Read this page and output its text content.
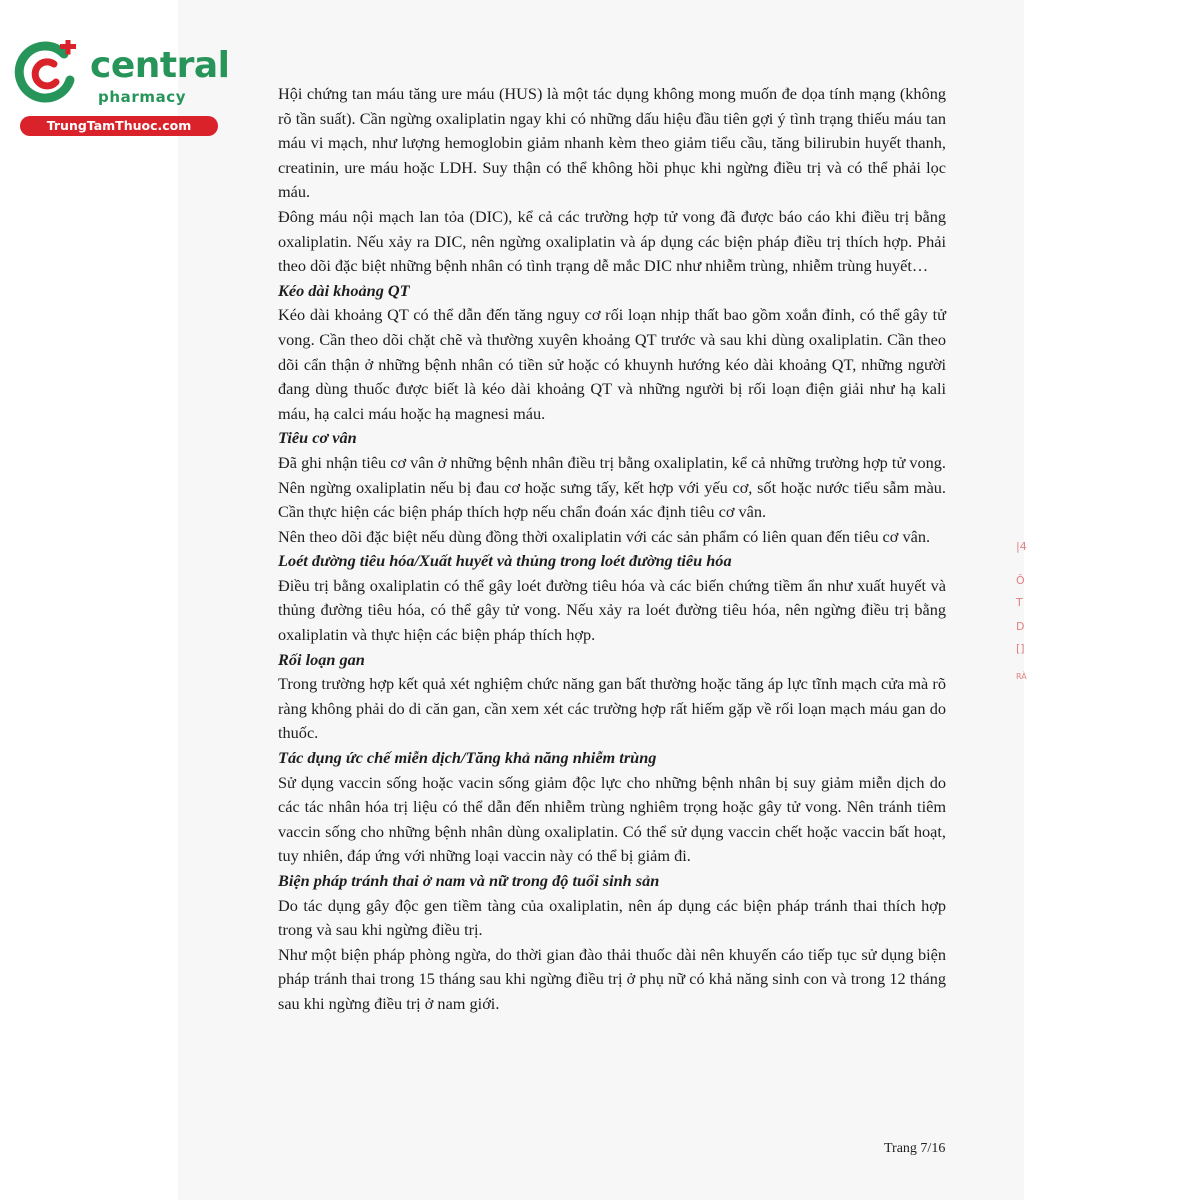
central
pharmacy
TrungTamThuoc.com
|4
Ô
T
D
[]
RÀ

Hội chứng tan máu tăng ure máu (HUS) là một tác dụng không mong muốn đe dọa tính mạng (không rõ tần suất). Cần ngừng oxaliplatin ngay khi có những dấu hiệu đầu tiên gợi ý tình trạng thiếu máu tan máu vi mạch, như lượng hemoglobin giảm nhanh kèm theo giảm tiểu cầu, tăng bilirubin huyết thanh, creatinin, ure máu hoặc LDH. Suy thận có thể không hồi phục khi ngừng điều trị và có thể phải lọc máu.

Đông máu nội mạch lan tỏa (DIC), kể cả các trường hợp tử vong đã được báo cáo khi điều trị bằng oxaliplatin. Nếu xảy ra DIC, nên ngừng oxaliplatin và áp dụng các biện pháp điều trị thích hợp. Phải theo dõi đặc biệt những bệnh nhân có tình trạng dễ mắc DIC như nhiễm trùng, nhiễm trùng huyết…

Kéo dài khoảng QT

Kéo dài khoảng QT có thể dẫn đến tăng nguy cơ rối loạn nhịp thất bao gồm xoắn đỉnh, có thể gây tử vong. Cần theo dõi chặt chẽ và thường xuyên khoảng QT trước và sau khi dùng oxaliplatin. Cần theo dõi cẩn thận ở những bệnh nhân có tiền sử hoặc có khuynh hướng kéo dài khoảng QT, những người đang dùng thuốc được biết là kéo dài khoảng QT và những người bị rối loạn điện giải như hạ kali máu, hạ calci máu hoặc hạ magnesi máu.

Tiêu cơ vân

Đã ghi nhận tiêu cơ vân ở những bệnh nhân điều trị bằng oxaliplatin, kể cả những trường hợp tử vong. Nên ngừng oxaliplatin nếu bị đau cơ hoặc sưng tấy, kết hợp với yếu cơ, sốt hoặc nước tiểu sẫm màu. Cần thực hiện các biện pháp thích hợp nếu chẩn đoán xác định tiêu cơ vân.

Nên theo dõi đặc biệt nếu dùng đồng thời oxaliplatin với các sản phẩm có liên quan đến tiêu cơ vân.

Loét đường tiêu hóa/Xuất huyết và thủng trong loét đường tiêu hóa

Điều trị bằng oxaliplatin có thể gây loét đường tiêu hóa và các biến chứng tiềm ẩn như xuất huyết và thủng đường tiêu hóa, có thể gây tử vong. Nếu xảy ra loét đường tiêu hóa, nên ngừng điều trị bằng oxaliplatin và thực hiện các biện pháp thích hợp.

Rối loạn gan

Trong trường hợp kết quả xét nghiệm chức năng gan bất thường hoặc tăng áp lực tĩnh mạch cửa mà rõ ràng không phải do di căn gan, cần xem xét các trường hợp rất hiếm gặp về rối loạn mạch máu gan do thuốc.

Tác dụng ức chế miễn dịch/Tăng khả năng nhiễm trùng

Sử dụng vaccin sống hoặc vacin sống giảm độc lực cho những bệnh nhân bị suy giảm miễn dịch do các tác nhân hóa trị liệu có thể dẫn đến nhiễm trùng nghiêm trọng hoặc gây tử vong. Nên tránh tiêm vaccin sống cho những bệnh nhân dùng oxaliplatin. Có thể sử dụng vaccin chết hoặc vaccin bất hoạt, tuy nhiên, đáp ứng với những loại vaccin này có thể bị giảm đi.

Biện pháp tránh thai ở nam và nữ trong độ tuổi sinh sản

Do tác dụng gây độc gen tiềm tàng của oxaliplatin, nên áp dụng các biện pháp tránh thai thích hợp trong và sau khi ngừng điều trị.

Như một biện pháp phòng ngừa, do thời gian đào thải thuốc dài nên khuyến cáo tiếp tục sử dụng biện pháp tránh thai trong 15 tháng sau khi ngừng điều trị ở phụ nữ có khả năng sinh con và trong 12 tháng sau khi ngừng điều trị ở nam giới.

Trang 7/16
